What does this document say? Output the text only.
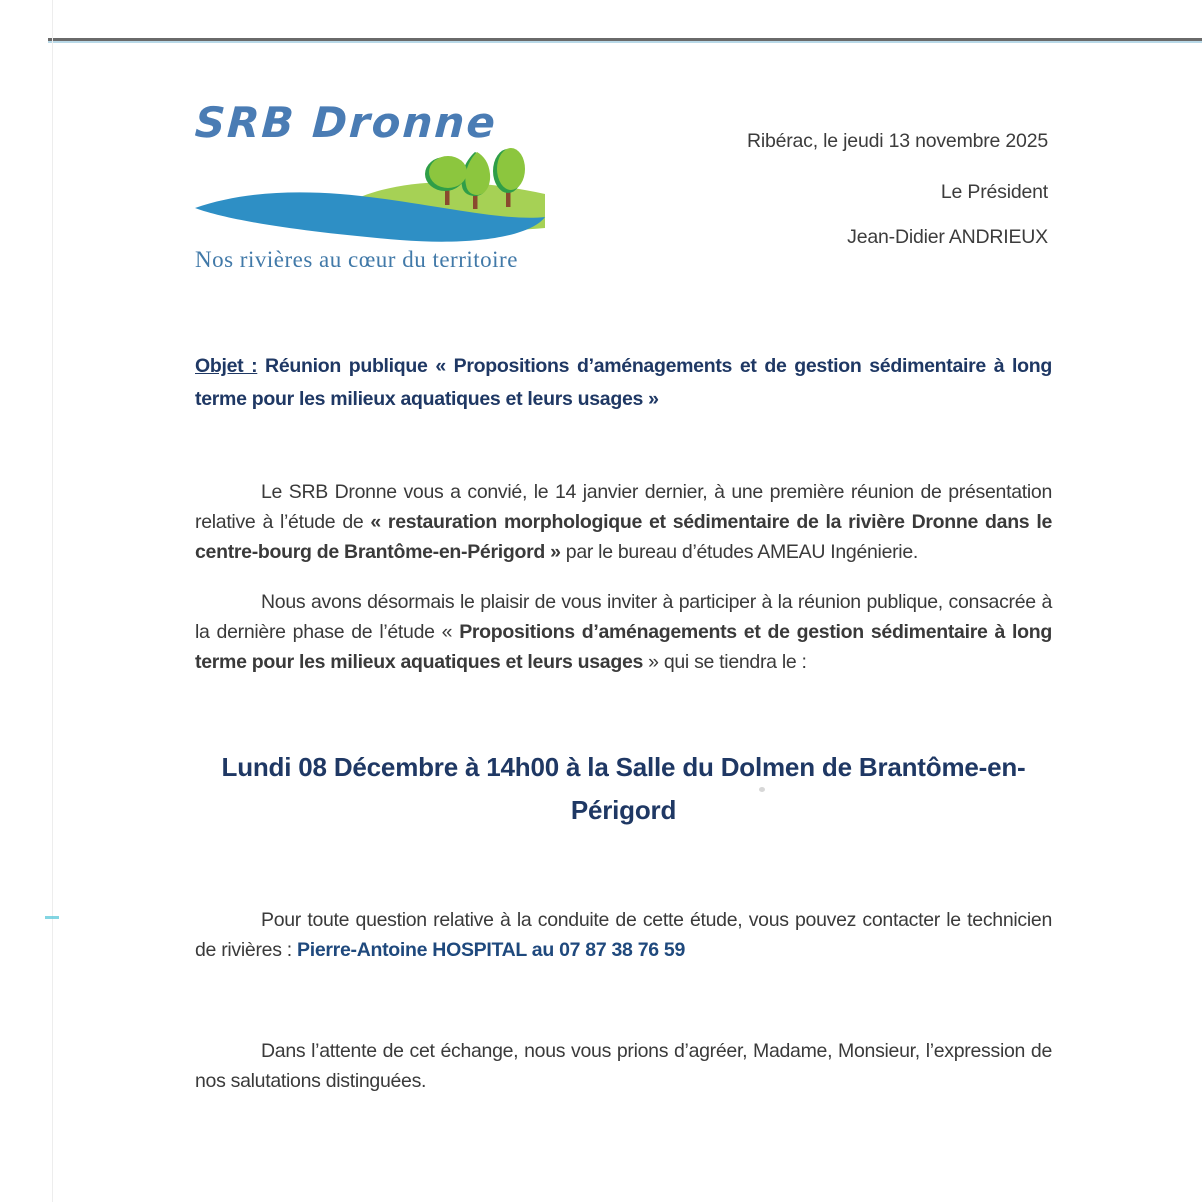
SRB Dronne
Nos rivières au cœur du territoire
Ribérac, le jeudi 13 novembre 2025
Le Président
Jean-Didier ANDRIEUX
Objet : Réunion publique « Propositions d’aménagements et de gestion sédimentaire à long terme pour les milieux aquatiques et leurs usages »
Le SRB Dronne vous a convié, le 14 janvier dernier, à une première réunion de présentation relative à l’étude de « restauration morphologique et sédimentaire de la rivière Dronne dans le centre-bourg de Brantôme-en-Périgord » par le bureau d’études AMEAU Ingénierie.
Nous avons désormais le plaisir de vous inviter à participer à la réunion publique, consacrée à la dernière phase de l’étude « Propositions d’aménagements et de gestion sédimentaire à long terme pour les milieux aquatiques et leurs usages » qui se tiendra le :
Lundi 08 Décembre à 14h00 à la Salle du Dolmen de Brantôme-en-Périgord
Pour toute question relative à la conduite de cette étude, vous pouvez contacter le technicien de rivières : Pierre-Antoine HOSPITAL au 07 87 38 76 59
Dans l’attente de cet échange, nous vous prions d’agréer, Madame, Monsieur, l’expression de nos salutations distinguées.
